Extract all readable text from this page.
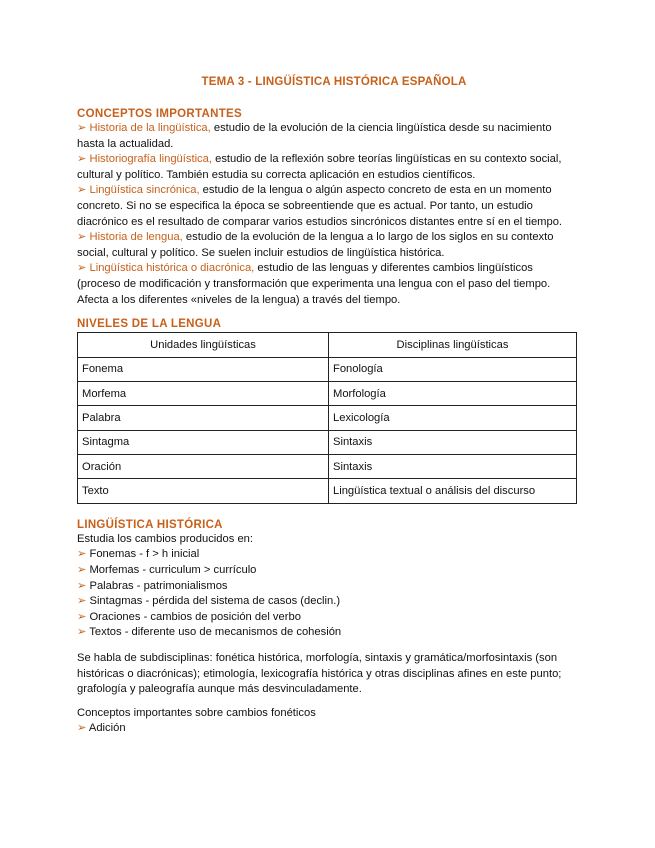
TEMA 3 - LINGÜÍSTICA HISTÓRICA ESPAÑOLA

CONCEPTOS IMPORTANTES

➢ Historia de la lingüística, estudio de la evolución de la ciencia lingüística desde su nacimiento hasta la actualidad.

➢ Historiografía lingüística, estudio de la reflexión sobre teorías lingüísticas en su contexto social, cultural y político. También estudia su correcta aplicación en estudios científicos.

➢ Lingüística sincrónica, estudio de la lengua o algún aspecto concreto de esta en un momento concreto. Si no se especifica la época se sobreentiende que es actual. Por tanto, un estudio diacrónico es el resultado de comparar varios estudios sincrónicos distantes entre sí en el tiempo.

➢ Historia de lengua, estudio de la evolución de la lengua a lo largo de los siglos en su contexto social, cultural y político. Se suelen incluir estudios de lingüística histórica.

➢ Lingüística histórica o diacrónica, estudio de las lenguas y diferentes cambios lingüísticos (proceso de modificación y transformación que experimenta una lengua con el paso del tiempo. Afecta a los diferentes «niveles de la lengua) a través del tiempo.

NIVELES DE LA LENGUA

Unidades lingüísticas	Disciplinas lingüísticas
Fonema	Fonología
Morfema	Morfología
Palabra	Lexicología
Sintagma	Sintaxis
Oración	Sintaxis
Texto	Lingüística textual o análisis del discurso

LINGÜÍSTICA HISTÓRICA

Estudia los cambios producidos en:

➢ Fonemas - f > h inicial

➢ Morfemas - curriculum > currículo

➢ Palabras - patrimonialismos

➢ Sintagmas - pérdida del sistema de casos (declin.)

➢ Oraciones - cambios de posición del verbo

➢ Textos - diferente uso de mecanismos de cohesión

Se habla de subdisciplinas: fonética histórica, morfología, sintaxis y gramática/morfosintaxis (son históricas o diacrónicas); etimología, lexicografía histórica y otras disciplinas afines en este punto; grafología y paleografía aunque más desvinculadamente.

Conceptos importantes sobre cambios fonéticos

➢ Adición
